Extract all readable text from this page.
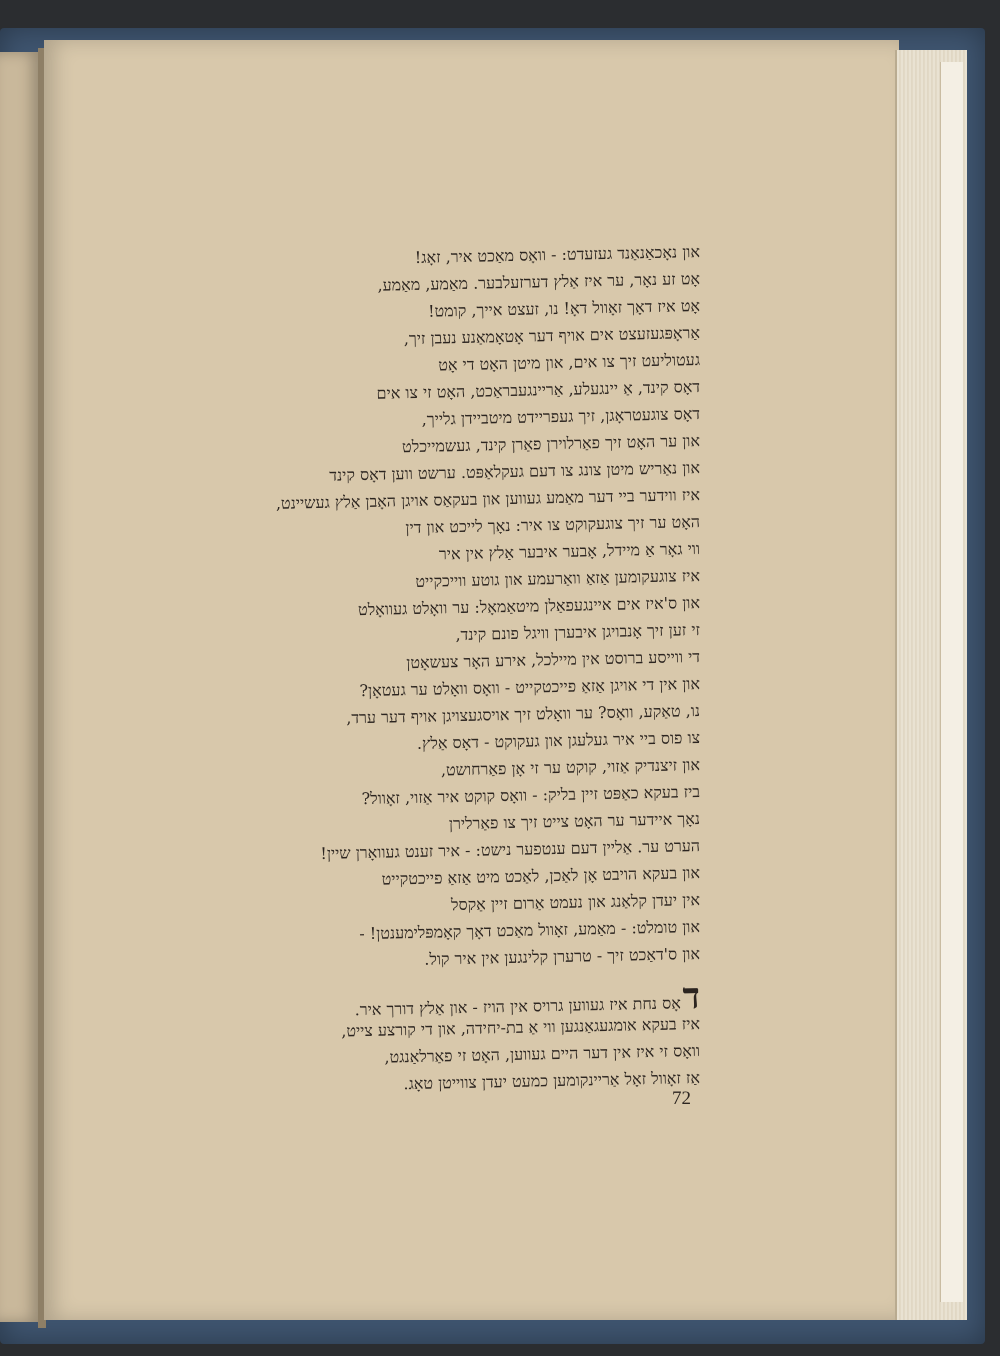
און נאָכאַנאַנד געזעדט: - וואָס מאַכט איר, זאָג!
אָט זע נאָר, ער איז אַלץ דערזעלבער. מאַמע, מאַמע,
אָט איז דאָך זאָוול דאָ! נו, זעצט אייך, קומט!
אַראָפּגעזעצט אים אויף דער אָטאָמאַנע נעבן זיך,
געטוליעט זיך צו אים, און מיטן האָט די אָט
דאָס קינד, אַ יינגעלע, אַריינגעבראַכט, האָט זי צו אים
דאָס צוגעטראָגן, זיך געפריידט מיטביידן גלייך,
און ער האָט זיך פאַרלוירן פאַרן קינד, געשמייכלט
און נאַריש מיטן צונג צו דעם געקלאַפּט. ערשט ווען דאָס קינד
איז ווידער ביי דער מאַמע געווען און בעקאַס אויגן האָבן אַלץ געשיינט,
האָט ער זיך צוגעקוקט צו איר: נאָך לייכט און דין
ווי גאָר אַ מיידל, אָבער איבער אַלץ אין איר
איז צוגעקומען אַזאַ וואַרעמע און גוטע ווייכקייט
און ס'איז אים איינגעפאַלן מיטאַמאָל: ער וואָלט געוואָלט
זי זען זיך אָנבויגן איבערן וויגל פונם קינד,
די ווייסע ברוסט אין מיילכל, אירע האָר צעשאָטן
און אין די אויגן אַזאַ פייכטקייט - וואָס וואָלט ער געטאָן?
נו, טאַקע, וואָס? ער וואָלט זיך אויסגעצויגן אויף דער ערד,
צו פוס ביי איר געלעגן און געקוקט - דאָס אַלץ.
און זיצנדיק אַזוי, קוקט ער זי אָן פאַרחושט,
ביז בעקא כאַפּט זיין בליק: - וואָס קוקט איר אַזוי, זאָוול?
נאָך איידער ער האָט צייט זיך צו פאַרלירן
הערט ער. אַליין דעם ענטפער נישט: - איר זענט געוואָרן שיין!
און בעקא הויבט אָן לאַכן, לאַכט מיט אַזאַ פייכטקייט
אין יעדן קלאַנג און נעמט אַרום זיין אַקסל
און טומלט: - מאַמע, זאָוול מאַכט דאָך קאָמפּלימענטן! -
און ס'דאַכט זיך - טרערן קלינגען אין איר קול.
דאָס נחת איז געווען גרויס אין הויז - און אַלץ דורך איר.
איז בעקא אומגעגאַנגען ווי אַ בת-יחידה, און די קורצע צייט,
וואָס זי איז אין דער היים געווען, האָט זי פאַרלאַנגט,
אַז זאָוול זאָל אַריינקומען כמעט יעדן צווייטן טאָג.
72
